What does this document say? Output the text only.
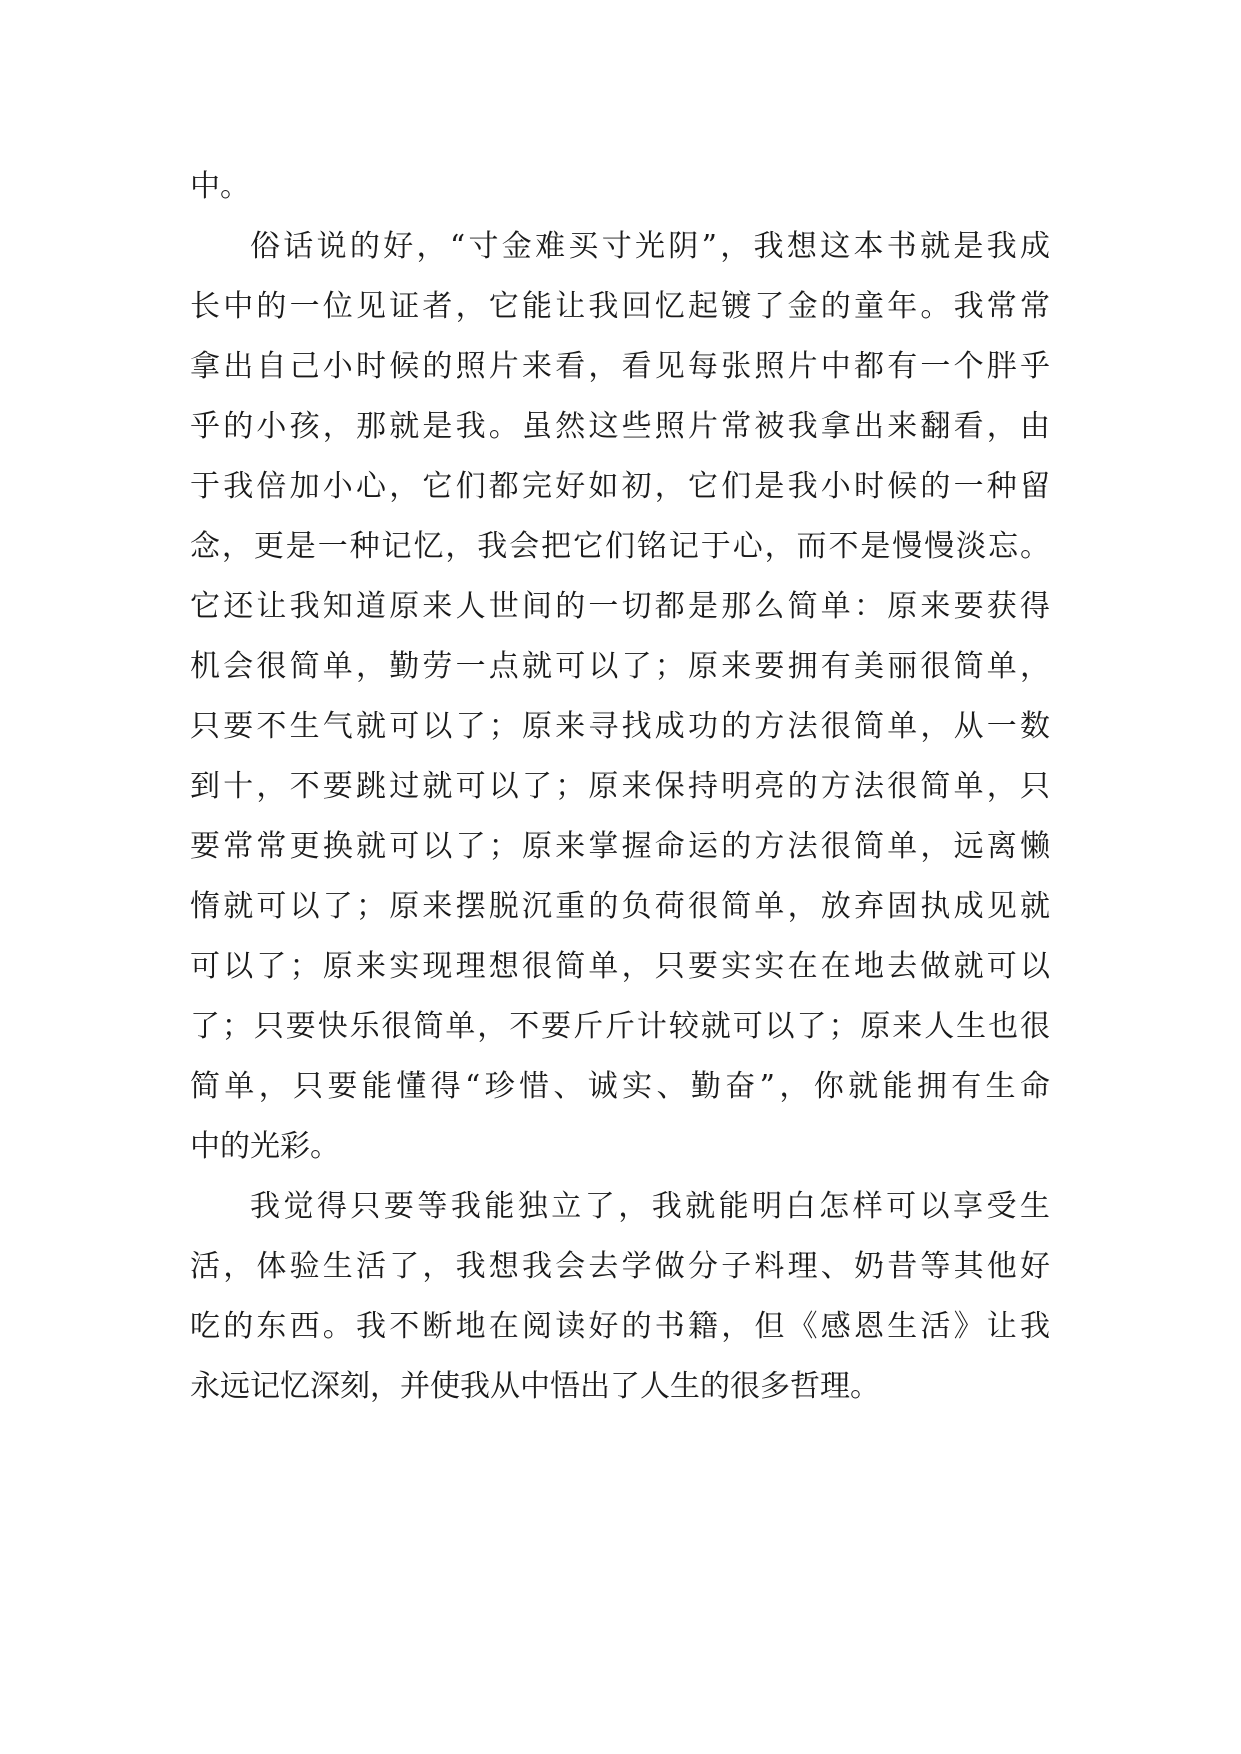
中。
俗话说的好，“寸金难买寸光阴”，我想这本书就是我成
长中的一位见证者，它能让我回忆起镀了金的童年。我常常
拿出自己小时候的照片来看，看见每张照片中都有一个胖乎
乎的小孩，那就是我。虽然这些照片常被我拿出来翻看，由
于我倍加小心，它们都完好如初，它们是我小时候的一种留
念，更是一种记忆，我会把它们铭记于心，而不是慢慢淡忘。
它还让我知道原来人世间的一切都是那么简单：原来要获得
机会很简单，勤劳一点就可以了；原来要拥有美丽很简单，
只要不生气就可以了；原来寻找成功的方法很简单，从一数
到十，不要跳过就可以了；原来保持明亮的方法很简单，只
要常常更换就可以了；原来掌握命运的方法很简单，远离懒
惰就可以了；原来摆脱沉重的负荷很简单，放弃固执成见就
可以了；原来实现理想很简单，只要实实在在地去做就可以
了；只要快乐很简单，不要斤斤计较就可以了；原来人生也很
简单，只要能懂得“珍惜、诚实、勤奋”，你就能拥有生命
中的光彩。
我觉得只要等我能独立了，我就能明白怎样可以享受生
活，体验生活了，我想我会去学做分子料理、奶昔等其他好
吃的东西。我不断地在阅读好的书籍，但《感恩生活》让我
永远记忆深刻，并使我从中悟出了人生的很多哲理。
